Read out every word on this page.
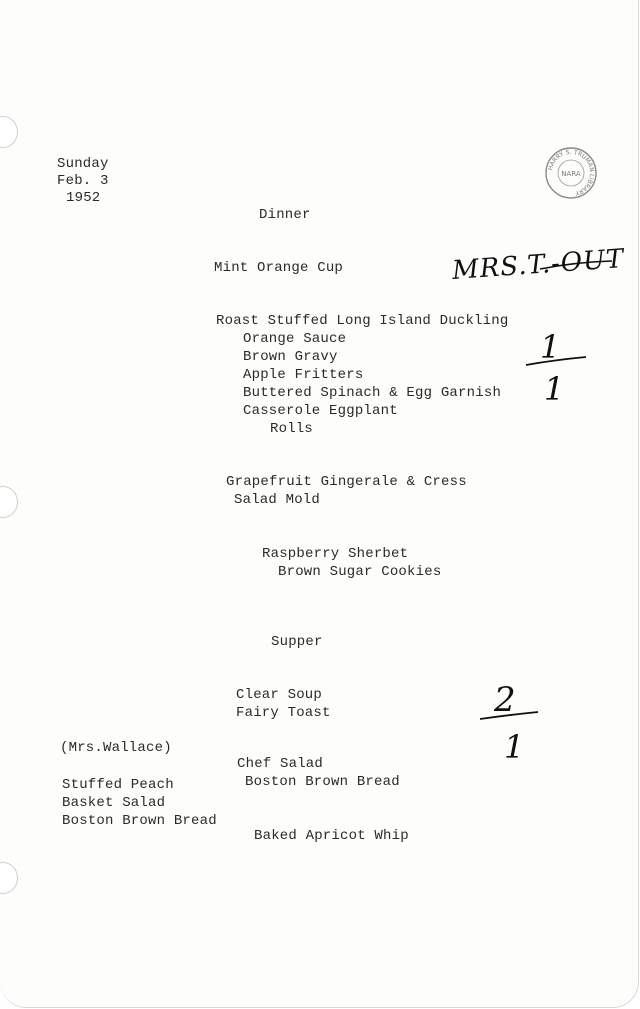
HARRY S. TRUMAN LIBRARY
NARA
Sunday
Feb. 3
1952
Dinner
Mint Orange Cup
Roast Stuffed Long Island Duckling
Orange Sauce
Brown Gravy
Apple Fritters
Buttered Spinach & Egg Garnish
Casserole Eggplant
Rolls
Grapefruit Gingerale & Cress
Salad Mold
Raspberry Sherbet
Brown Sugar Cookies
Supper
Clear Soup
Fairy Toast
Chef Salad
Boston Brown Bread
Baked Apricot Whip
(Mrs.Wallace)
Stuffed Peach
Basket Salad
Boston Brown Bread
MRS.T.-OUT
1
1
2
1
